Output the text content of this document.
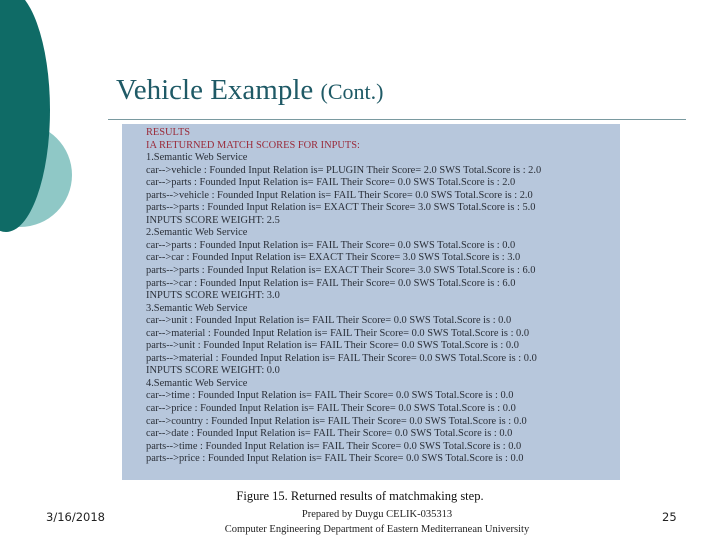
Vehicle Example (Cont.)
RESULTS
IA RETURNED MATCH SCORES FOR INPUTS:
1.Semantic Web Service
car-->vehicle : Founded Input Relation is= PLUGIN Their Score= 2.0 SWS Total.Score is : 2.0
car-->parts : Founded Input Relation is= FAIL Their Score= 0.0 SWS Total.Score is : 2.0
parts-->vehicle : Founded Input Relation is= FAIL Their Score= 0.0 SWS Total.Score is : 2.0
parts-->parts : Founded Input Relation is= EXACT Their Score= 3.0 SWS Total.Score is : 5.0
INPUTS SCORE WEIGHT: 2.5
2.Semantic Web Service
car-->parts : Founded Input Relation is= FAIL Their Score= 0.0 SWS Total.Score is : 0.0
car-->car : Founded Input Relation is= EXACT Their Score= 3.0 SWS Total.Score is : 3.0
parts-->parts : Founded Input Relation is= EXACT Their Score= 3.0 SWS Total.Score is : 6.0
parts-->car : Founded Input Relation is= FAIL Their Score= 0.0 SWS Total.Score is : 6.0
INPUTS SCORE WEIGHT: 3.0
3.Semantic Web Service
car-->unit : Founded Input Relation is= FAIL Their Score= 0.0 SWS Total.Score is : 0.0
car-->material : Founded Input Relation is= FAIL Their Score= 0.0 SWS Total.Score is : 0.0
parts-->unit : Founded Input Relation is= FAIL Their Score= 0.0 SWS Total.Score is : 0.0
parts-->material : Founded Input Relation is= FAIL Their Score= 0.0 SWS Total.Score is : 0.0
INPUTS SCORE WEIGHT: 0.0
4.Semantic Web Service
car-->time : Founded Input Relation is= FAIL Their Score= 0.0 SWS Total.Score is : 0.0
car-->price : Founded Input Relation is= FAIL Their Score= 0.0 SWS Total.Score is : 0.0
car-->country : Founded Input Relation is= FAIL Their Score= 0.0 SWS Total.Score is : 0.0
car-->date : Founded Input Relation is= FAIL Their Score= 0.0 SWS Total.Score is : 0.0
parts-->time : Founded Input Relation is= FAIL Their Score= 0.0 SWS Total.Score is : 0.0
parts-->price : Founded Input Relation is= FAIL Their Score= 0.0 SWS Total.Score is : 0.0
Figure 15. Returned results of matchmaking step.
3/16/2018	Prepared by Duygu CELIK-035313
Computer Engineering Department of Eastern Mediterranean University
25
